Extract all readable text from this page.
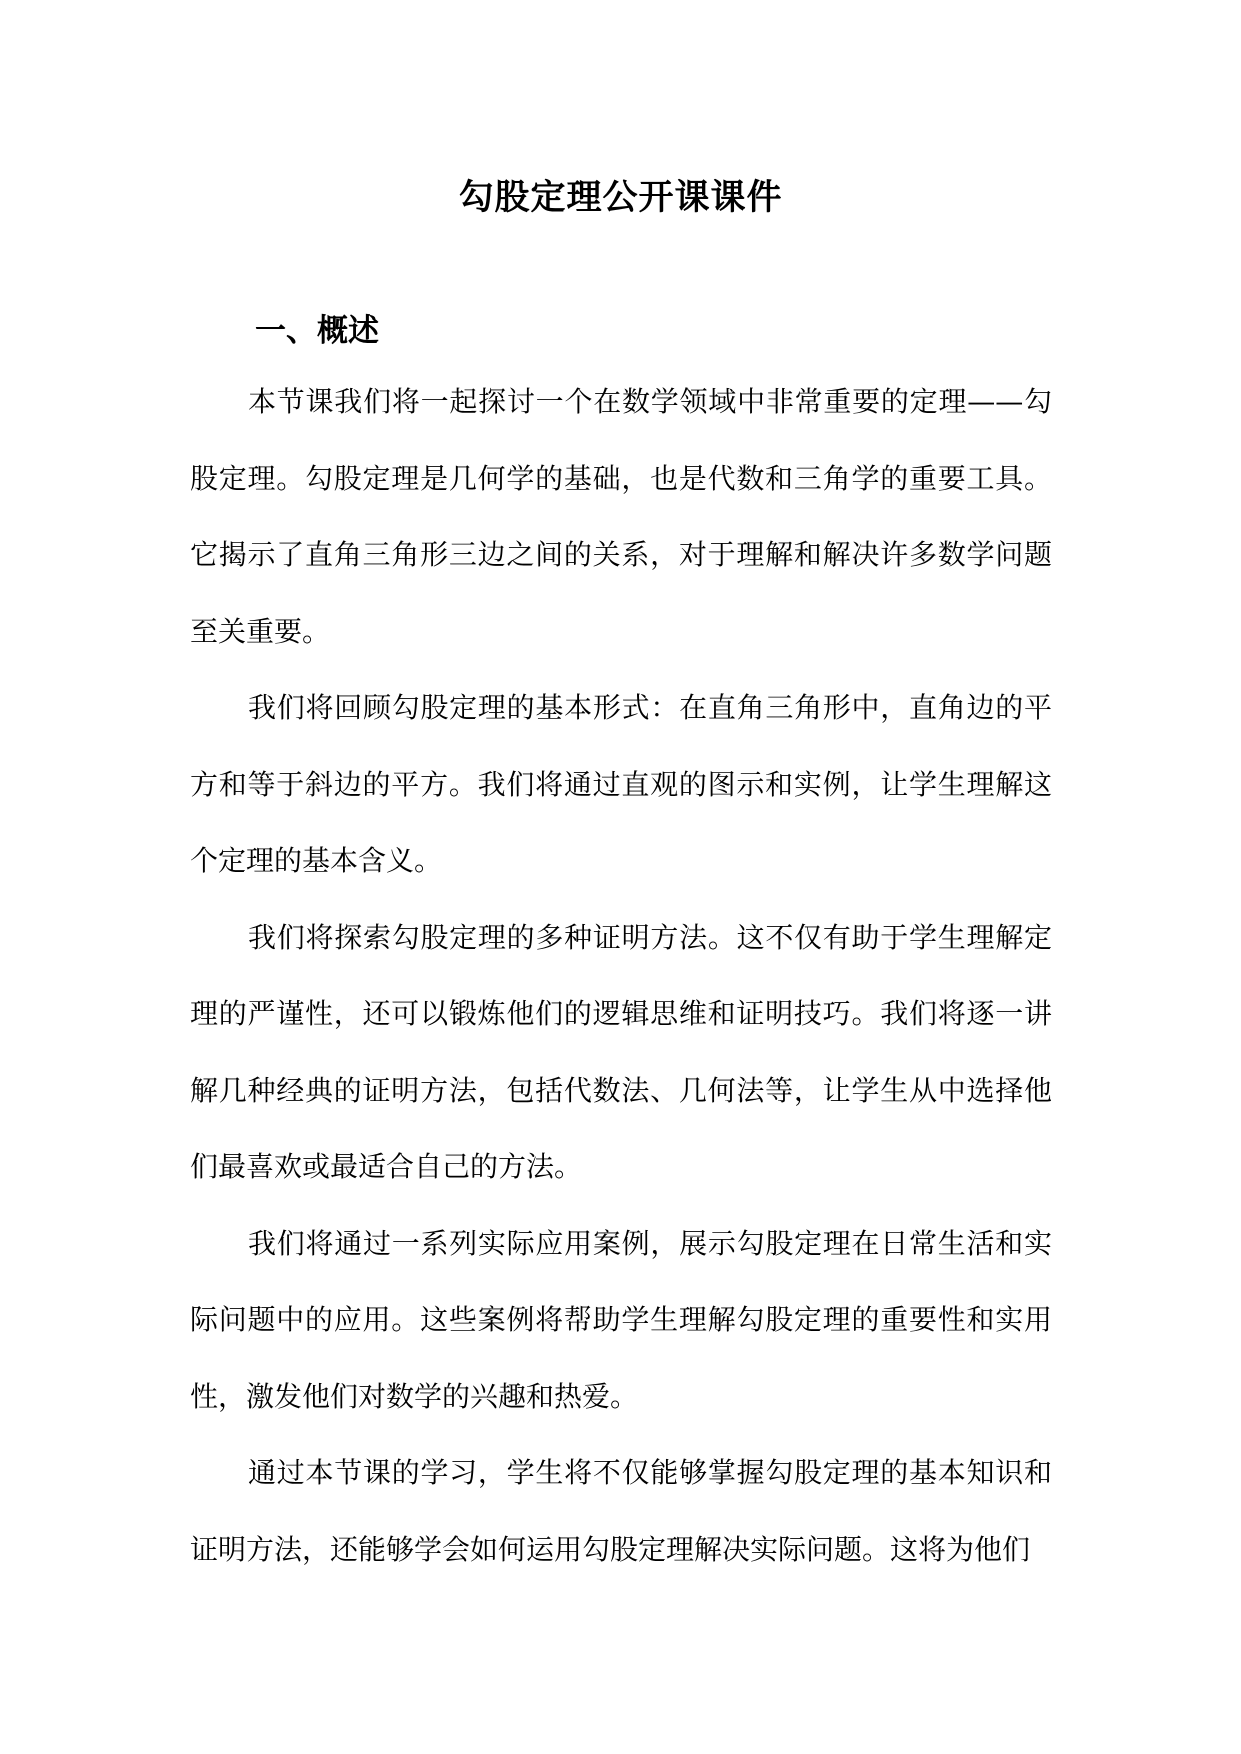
勾股定理公开课课件
一、概述

本节课我们将一起探讨一个在数学领域中非常重要的定理——勾股定理。勾股定理是几何学的基础，也是代数和三角学的重要工具。它揭示了直角三角形三边之间的关系，对于理解和解决许多数学问题至关重要。

我们将回顾勾股定理的基本形式：在直角三角形中，直角边的平方和等于斜边的平方。我们将通过直观的图示和实例，让学生理解这个定理的基本含义。

我们将探索勾股定理的多种证明方法。这不仅有助于学生理解定理的严谨性，还可以锻炼他们的逻辑思维和证明技巧。我们将逐一讲解几种经典的证明方法，包括代数法、几何法等，让学生从中选择他们最喜欢或最适合自己的方法。

我们将通过一系列实际应用案例，展示勾股定理在日常生活和实际问题中的应用。这些案例将帮助学生理解勾股定理的重要性和实用性，激发他们对数学的兴趣和热爱。

通过本节课的学习，学生将不仅能够掌握勾股定理的基本知识和证明方法，还能够学会如何运用勾股定理解决实际问题。这将为他们
